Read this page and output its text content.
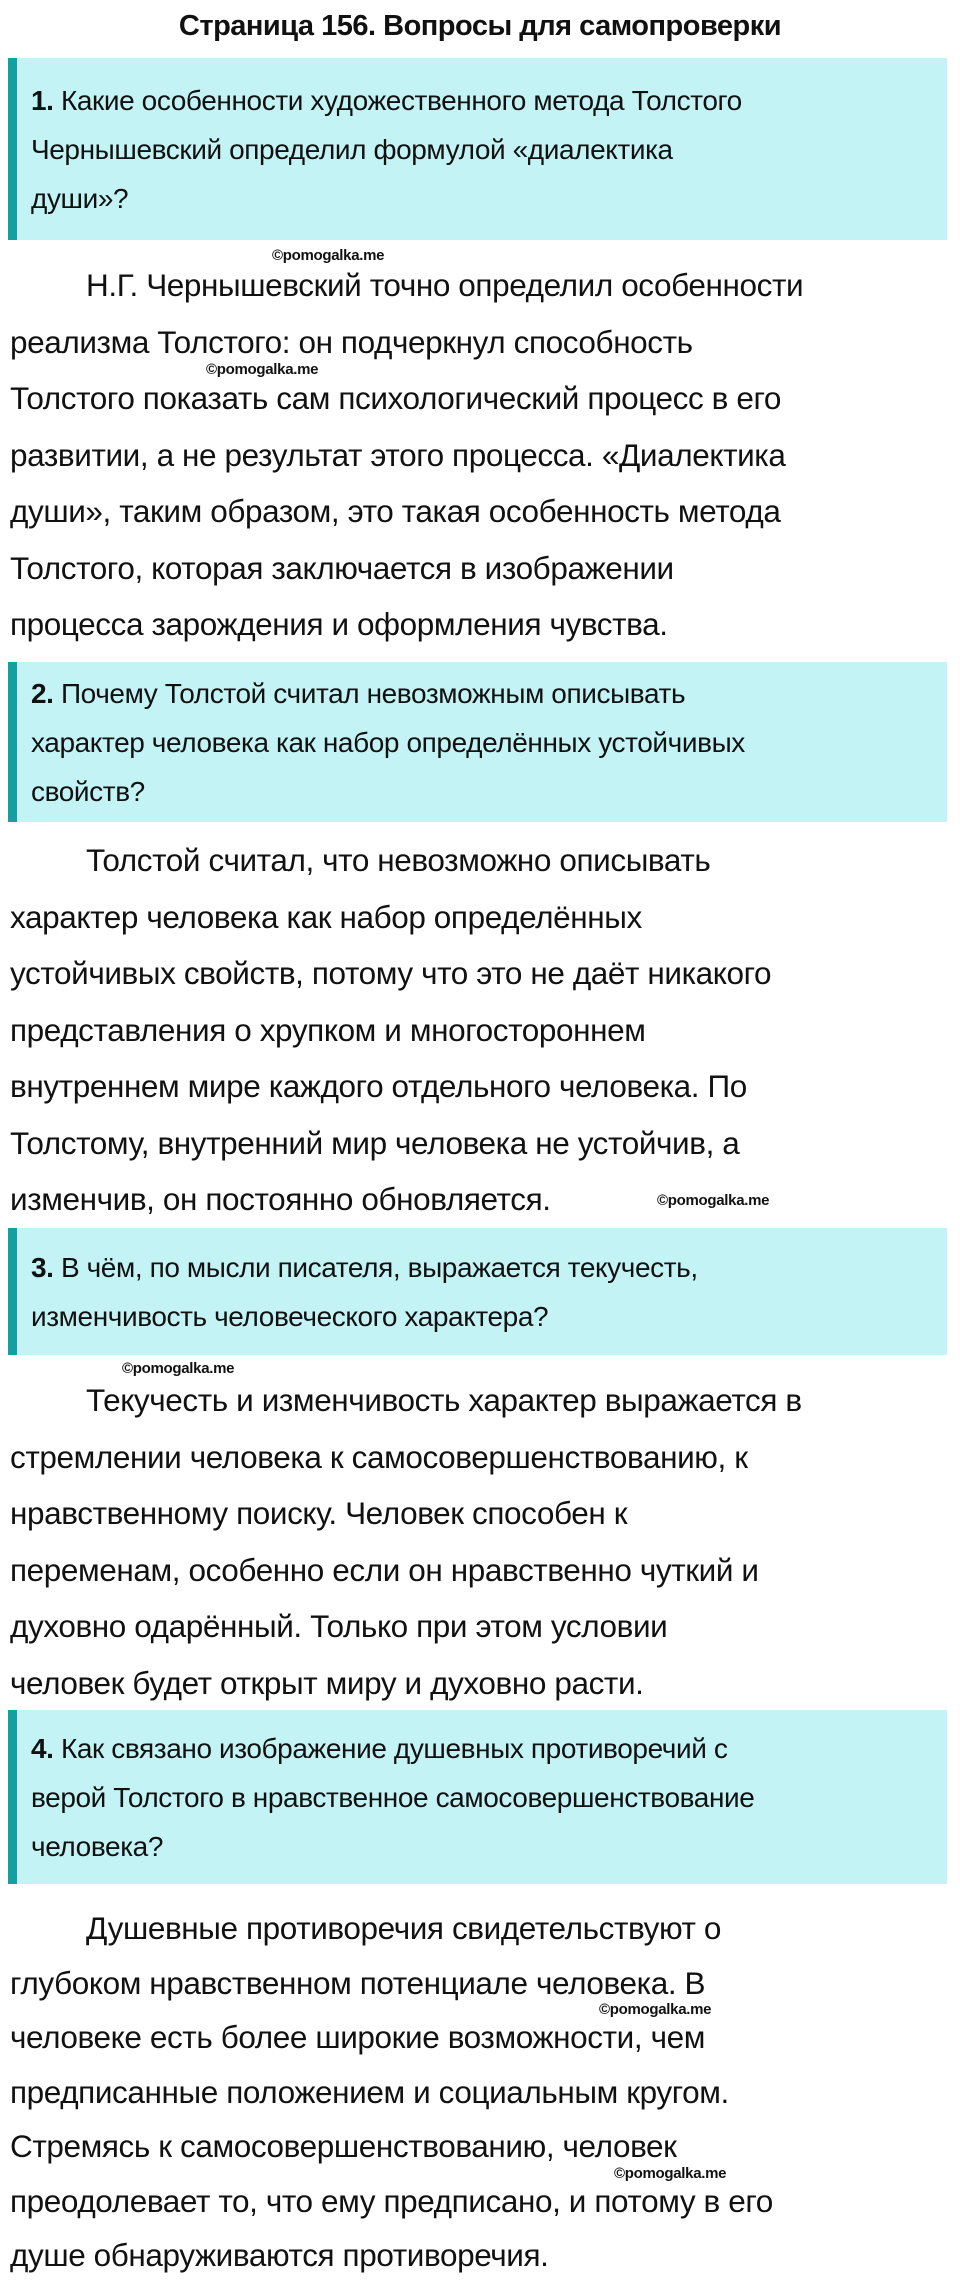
Страница 156. Вопросы для самопроверки
1. Какие особенности художественного метода Толстого
Чернышевский определил формулой «диалектика
души»?
Н.Г. Чернышевский точно определил особенности
реализма Толстого: он подчеркнул способность
Толстого показать сам психологический процесс в его
развитии, а не результат этого процесса. «Диалектика
души», таким образом, это такая особенность метода
Толстого, которая заключается в изображении
процесса зарождения и оформления чувства.
2. Почему Толстой считал невозможным описывать
характер человека как набор определённых устойчивых
свойств?
Толстой считал, что невозможно описывать
характер человека как набор определённых
устойчивых свойств, потому что это не даёт никакого
представления о хрупком и многостороннем
внутреннем мире каждого отдельного человека. По
Толстому, внутренний мир человека не устойчив, а
изменчив, он постоянно обновляется.
3. В чём, по мысли писателя, выражается текучесть,
изменчивость человеческого характера?
Текучесть и изменчивость характер выражается в
стремлении человека к самосовершенствованию, к
нравственному поиску. Человек способен к
переменам, особенно если он нравственно чуткий и
духовно одарённый. Только при этом условии
человек будет открыт миру и духовно расти.
4. Как связано изображение душевных противоречий с
верой Толстого в нравственное самосовершенствование
человека?
Душевные противоречия свидетельствуют о
глубоком нравственном потенциале человека. В
человеке есть более широкие возможности, чем
предписанные положением и социальным кругом.
Стремясь к самосовершенствованию, человек
преодолевает то, что ему предписано, и потому в его
душе обнаруживаются противоречия.
©pomogalka.me
©pomogalka.me
©pomogalka.me
©pomogalka.me
©pomogalka.me
©pomogalka.me
